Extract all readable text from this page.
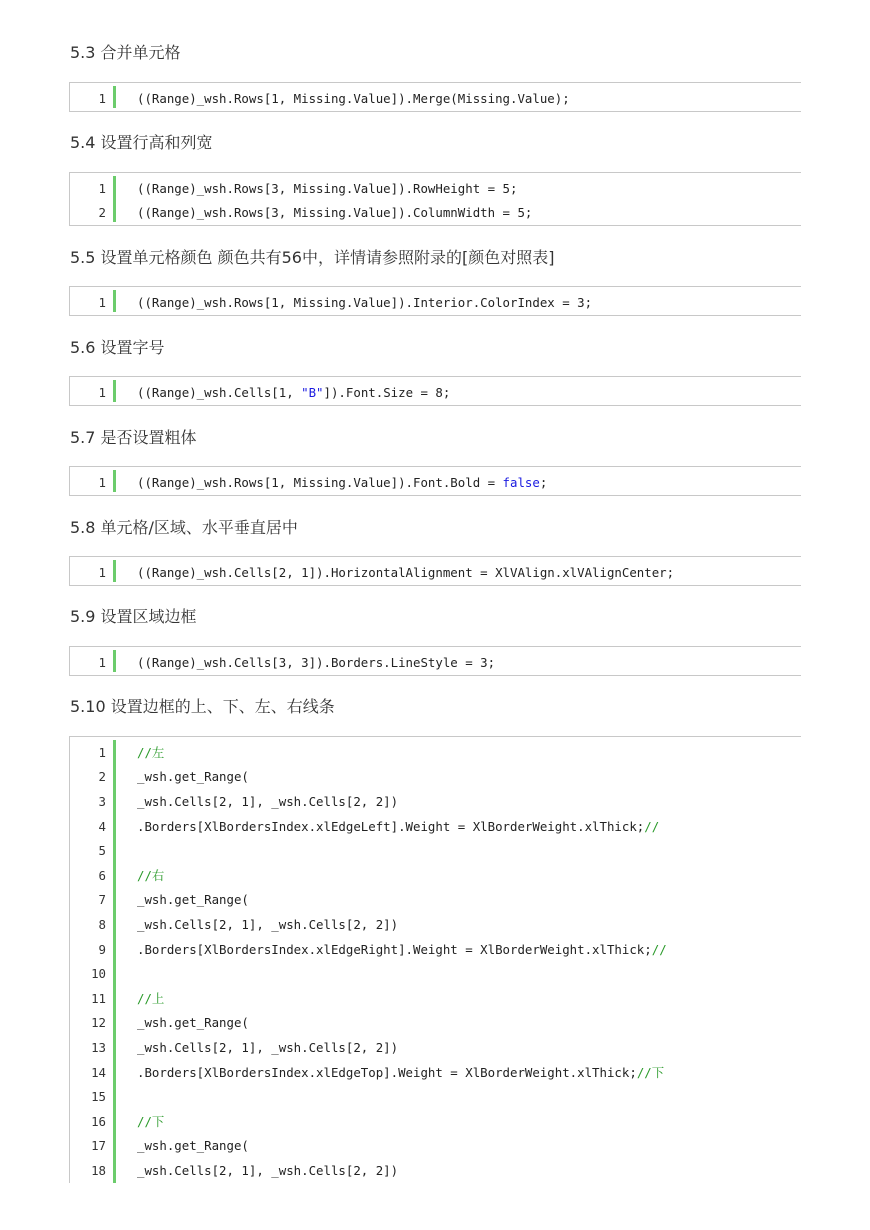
5.3 合并单元格
1	((Range)_wsh.Rows[1, Missing.Value]).Merge(Missing.Value);
5.4 设置行高和列宽
1	((Range)_wsh.Rows[3, Missing.Value]).RowHeight = 5;
2	((Range)_wsh.Rows[3, Missing.Value]).ColumnWidth = 5;
5.5 设置单元格颜色 颜色共有56中，详情请参照附录的[颜色对照表]
1	((Range)_wsh.Rows[1, Missing.Value]).Interior.ColorIndex = 3;
5.6 设置字号
1	((Range)_wsh.Cells[1, "B"]).Font.Size = 8;
5.7 是否设置粗体
1	((Range)_wsh.Rows[1, Missing.Value]).Font.Bold = false;
5.8 单元格/区域、水平垂直居中
1	((Range)_wsh.Cells[2, 1]).HorizontalAlignment = XlVAlign.xlVAlignCenter;
5.9 设置区域边框
1	((Range)_wsh.Cells[3, 3]).Borders.LineStyle = 3;
5.10 设置边框的上、下、左、右线条
1	//左
2	_wsh.get_Range(
3	_wsh.Cells[2, 1], _wsh.Cells[2, 2])
4	.Borders[XlBordersIndex.xlEdgeLeft].Weight = XlBorderWeight.xlThick;//
5
6	//右
7	_wsh.get_Range(
8	_wsh.Cells[2, 1], _wsh.Cells[2, 2])
9	.Borders[XlBordersIndex.xlEdgeRight].Weight = XlBorderWeight.xlThick;//
10
11	//上
12	_wsh.get_Range(
13	_wsh.Cells[2, 1], _wsh.Cells[2, 2])
14	.Borders[XlBordersIndex.xlEdgeTop].Weight = XlBorderWeight.xlThick;//下
15
16	//下
17	_wsh.get_Range(
18	_wsh.Cells[2, 1], _wsh.Cells[2, 2])
